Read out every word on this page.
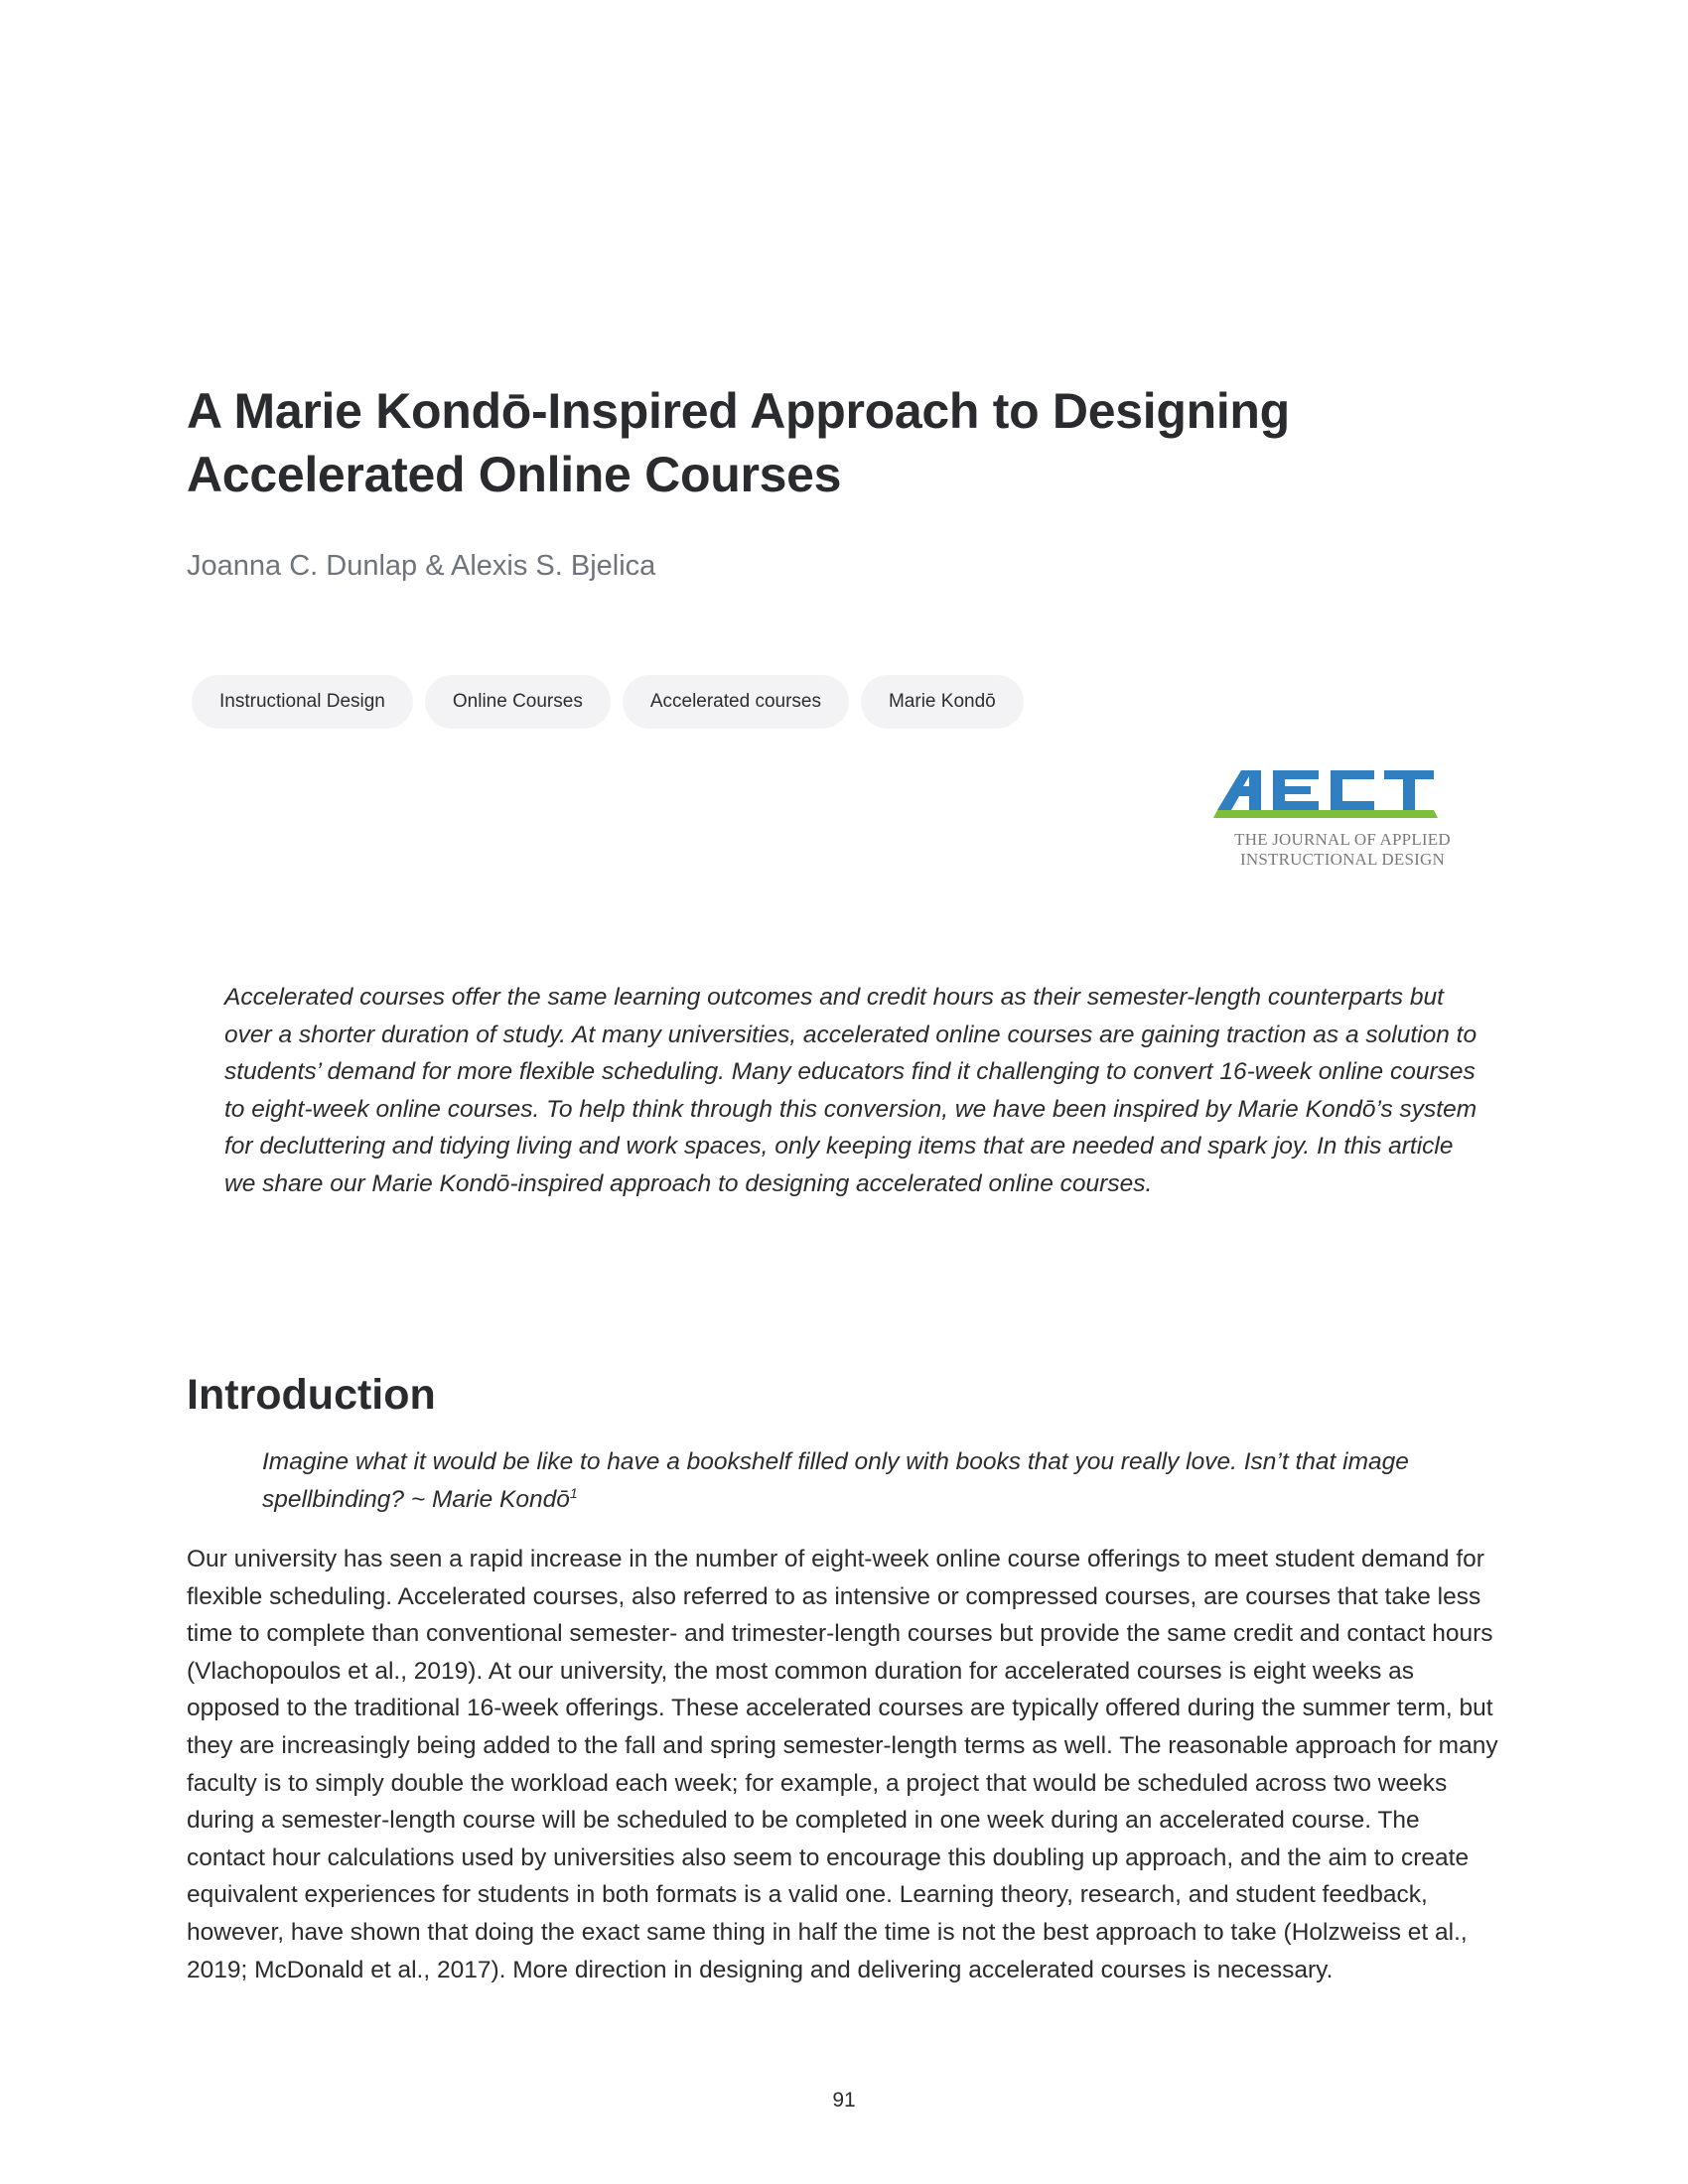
A Marie Kondō-Inspired Approach to Designing Accelerated Online Courses

Joanna C. Dunlap & Alexis S. Bjelica

Instructional Design	Online Courses	Accelerated courses	Marie Kondō
THE JOURNAL OF APPLIED
INSTRUCTIONAL DESIGN

Accelerated courses offer the same learning outcomes and credit hours as their semester-length counterparts but over a shorter duration of study. At many universities, accelerated online courses are gaining traction as a solution to students’ demand for more flexible scheduling. Many educators find it challenging to convert 16-week online courses to eight-week online courses. To help think through this conversion, we have been inspired by Marie Kondō’s system for decluttering and tidying living and work spaces, only keeping items that are needed and spark joy. In this article we share our Marie Kondō-inspired approach to designing accelerated online courses.

Introduction

Imagine what it would be like to have a bookshelf filled only with books that you really love. Isn’t that image spellbinding? ~ Marie Kondō$^1$

Our university has seen a rapid increase in the number of eight-week online course offerings to meet student demand for flexible scheduling. Accelerated courses, also referred to as intensive or compressed courses, are courses that take less time to complete than conventional semester- and trimester-length courses but provide the same credit and contact hours (Vlachopoulos et al., 2019). At our university, the most common duration for accelerated courses is eight weeks as opposed to the traditional 16-week offerings. These accelerated courses are typically offered during the summer term, but they are increasingly being added to the fall and spring semester-length terms as well. The reasonable approach for many faculty is to simply double the workload each week; for example, a project that would be scheduled across two weeks during a semester-length course will be scheduled to be completed in one week during an accelerated course. The contact hour calculations used by universities also seem to encourage this doubling up approach, and the aim to create equivalent experiences for students in both formats is a valid one. Learning theory, research, and student feedback, however, have shown that doing the exact same thing in half the time is not the best approach to take (Holzweiss et al., 2019; McDonald et al., 2017). More direction in designing and delivering accelerated courses is necessary.

91
